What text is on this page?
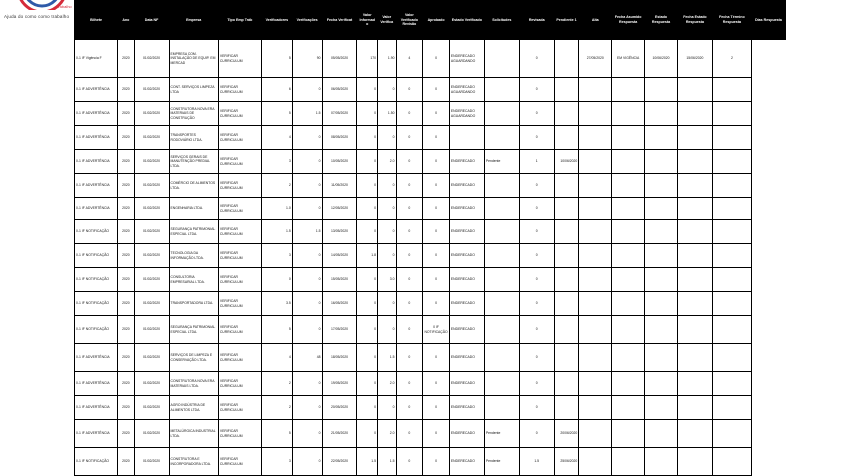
Trabalho
Ajuda do como como trabalho
Bilhete	Ano	Data NF	Empresa	Tipo Emp Tráb	Verificadores	Verificações	Fecha Verificat	Valor Informado	Valor Verifica	Valor Verificado Revisão	Aprobado	Estado Verificado	Solicitudes	Revisada	Pendiente 1	Alta	Fecha Asumido Respuesta	Estado Respuesta	Fecha Estado Respuesta	Fecha Término Respuesta	Días Respuesta
0-1 IF Vigência F	2020	01/02/2020	EMPRESA COM. INSTALAÇÃO DE EQUIP. EM MERCAD	VERIFICAR CURRICULUM	5	90	05/05/2020	170	1.90	4	0	ENDERECADO AGUARDANDO		0		27/05/2020	EM VIGÊNCIA	10/06/2020	15/06/2020	2	
0-1 IF ADVERTÊNCIA	2020	01/02/2020	CONT. SERVIÇOS LIMPEZA LTDA	VERIFICAR CURRICULUM	6	0	06/05/2020	0	0	0	0	ENDERECADO AGUARDANDO		0							
0-1 IF ADVERTÊNCIA	2020	01/02/2020	CONSTRUTORA NOVA ERA MATERIAIS DE CONSTRUÇÃO	VERIFICAR CURRICULUM	5	1.5	07/05/2020	0	1.50	0	0	ENDERECADO AGUARDANDO		0							
0-1 IF ADVERTÊNCIA	2020	01/02/2020	TRANSPORTES RODOVIÁRIO LTDA.	VERIFICAR CURRICULUM	4	0	08/05/2020	0	0	0	0			0							
0-1 IF ADVERTÊNCIA	2020	01/02/2020	SERVIÇOS GERAIS DE MANUTENÇÃO PREDIAL LTDA.	VERIFICAR CURRICULUM	3	0	10/05/2020	0	2.0	0	0	ENDERECADO	Pendente	1	10/06/2020						
0-1 IF ADVERTÊNCIA	2020	01/02/2020	COMÉRCIO DE ALIMENTOS LTDA.	VERIFICAR CURRICULUM	2	0	11/05/2020	0	0	0	0	ENDERECADO		0							
0-1 IF ADVERTÊNCIA	2020	01/02/2020	ENGENHARIA LTDA.	VERIFICAR CURRICULUM	1.0	0	12/05/2020	0	0	0	0	ENDERECADO		0							
0-1 IF NOTIFICAÇÃO	2020	01/02/2020	SEGURANÇA PATRIMONIAL ESPECIAL LTDA.	VERIFICAR CURRICULUM	1.5	1.5	13/05/2020	0	0	0	0	ENDERECADO		0							
0-1 IF NOTIFICAÇÃO	2020	01/02/2020	TECNOLOGIA DA INFORMAÇÃO LTDA.	VERIFICAR CURRICULUM	3	0	14/05/2020	1.8	0	0	0	ENDERECADO		0							
0-1 IF NOTIFICAÇÃO	2020	01/02/2020	CONSULTORIA EMPRESARIAL LTDA.	VERIFICAR CURRICULUM	0	0	15/05/2020	0	3.0	0	0	ENDERECADO		0							
0-1 IF NOTIFICAÇÃO	2020	01/02/2020	TRANSPORTADORA LTDA.	VERIFICAR CURRICULUM	3.5	0	16/05/2020	0	0	0	0	ENDERECADO		0							
0-1 IF NOTIFICAÇÃO	2020	01/02/2020	SEGURANÇA PATRIMONIAL ESPECIAL LTDA.	VERIFICAR CURRICULUM	5	0	17/05/2020	0	0	0	0 IF NOTIFICAÇÃO	ENDERECADO		0							
0-1 IF ADVERTÊNCIA	2020	01/02/2020	SERVIÇOS DE LIMPEZA E CONSERVAÇÃO LTDA.	VERIFICAR CURRICULUM	4	48	18/05/2020	0	1.5	0	0	ENDERECADO		0							
0-1 IF ADVERTÊNCIA	2020	01/02/2020	CONSTRUTORA NOVA ERA MATERIAIS LTDA.	VERIFICAR CURRICULUM	2	0	19/05/2020	0	2.0	0	0	ENDERECADO		0							
0-1 IF ADVERTÊNCIA	2020	01/02/2020	AGRO INDÚSTRIA DE ALIMENTOS LTDA.	VERIFICAR CURRICULUM	2	0	20/05/2020	0	0	0	0	ENDERECADO		0							
0-1 IF ADVERTÊNCIA	2020	01/02/2020	METALÚRGICA INDUSTRIAL LTDA.	VERIFICAR CURRICULUM	5	0	21/05/2020	0	2.0	0	0	ENDERECADO	Pendente	0	20/06/2020						
0-1 IF NOTIFICAÇÃO	2020	01/02/2020	CONSTRUTORA E INCORPORADORA LTDA.	VERIFICAR CURRICULUM	3	0	22/05/2020	1.5	1.5	0	0	ENDERECADO	Pendente	1.5	25/06/2020						
